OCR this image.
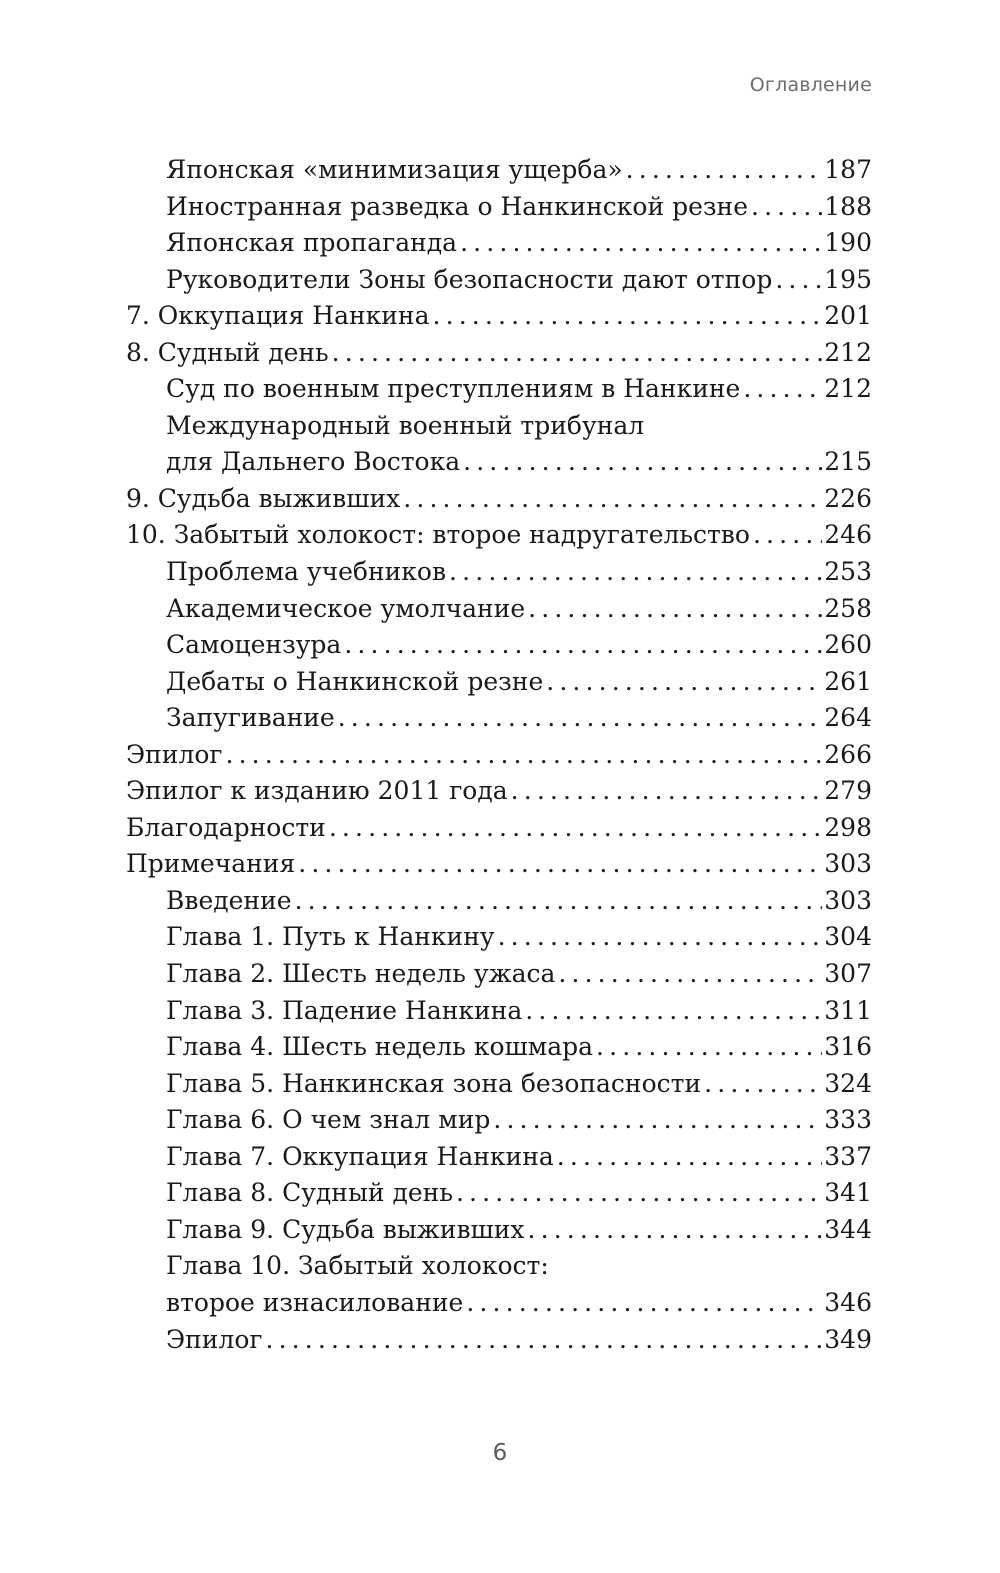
Оглавление
Японская «минимизация ущерба» . . .	187
Иностранная разведка о Нанкинской резне . . .	188
Японская пропаганда . . .	190
Руководители Зоны безопасности дают отпор . . . 195
7. Оккупация Нанкина . . .	201
8. Судный день . . .	212
Суд по военным преступлениям в Нанкине . . .	212
Международный военный трибунал
для Дальнего Востока . . .	215
9. Судьба выживших . . .	226
10. Забытый холокост: второе надругательство . . .	246
Проблема учебников . . .	253
Академическое умолчание . . .	258
Самоцензура . . .	260
Дебаты о Нанкинской резне . . .	261
Запугивание . . .	264
Эпилог . . .	266
Эпилог к изданию 2011 года . . .	279
Благодарности . . .	298
Примечания . . .	303
Введение . . .	303
Глава 1. Путь к Нанкину . . .	304
Глава 2. Шесть недель ужаса . . .	307
Глава 3. Падение Нанкина . . .	311
Глава 4. Шесть недель кошмара . . .	316
Глава 5. Нанкинская зона безопасности . . .	324
Глава 6. О чем знал мир . . .	333
Глава 7. Оккупация Нанкина . . .	337
Глава 8. Судный день . . .	341
Глава 9. Судьба выживших . . .	344
Глава 10. Забытый холокост:
второе изнасилование . . .	346
Эпилог . . .	349
6
